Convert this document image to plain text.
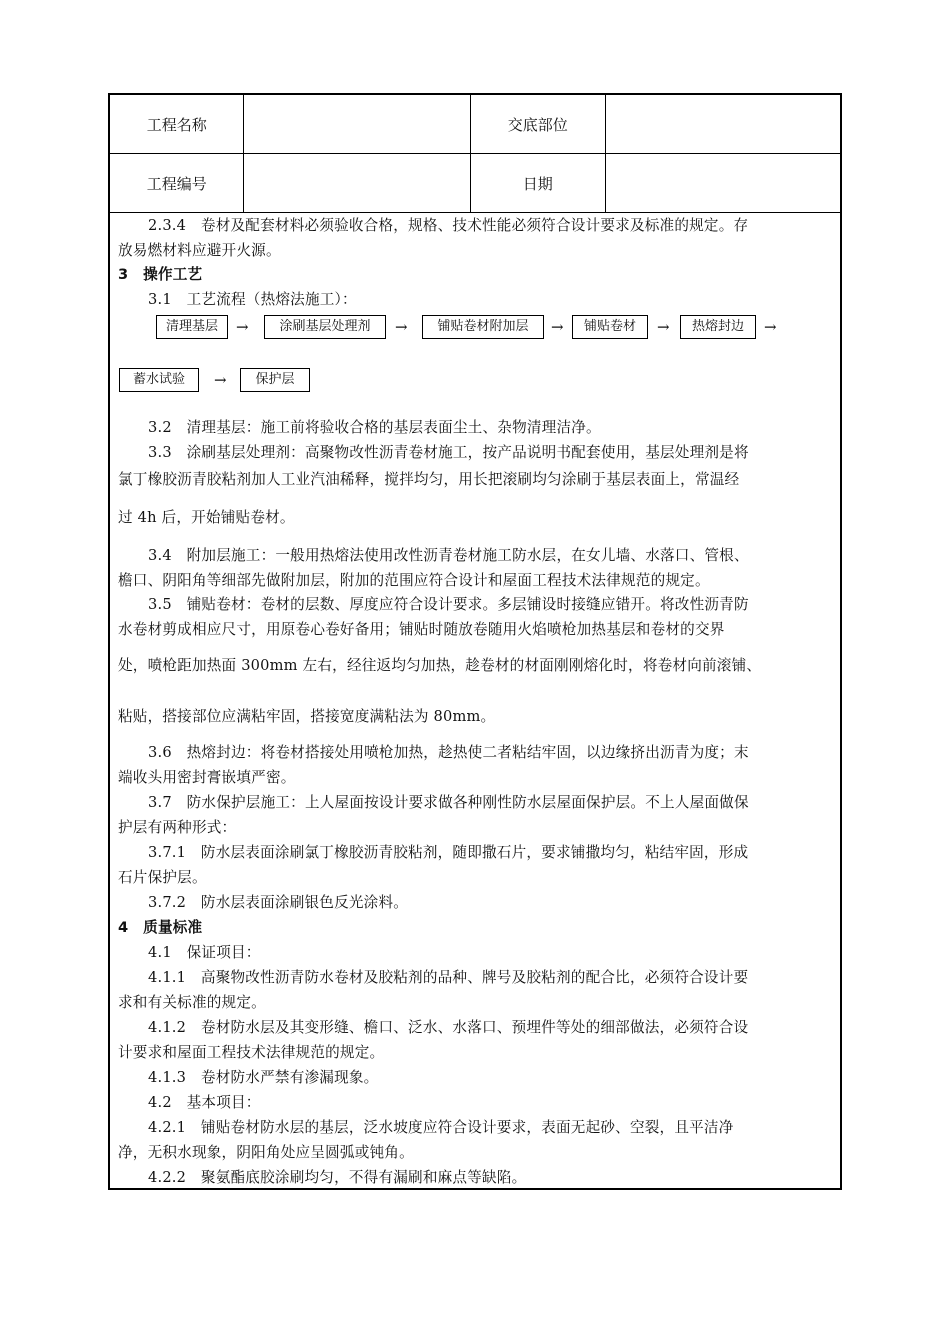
工程名称		交底部位	
工程编号		日期	
2.3.4　卷材及配套材料必须验收合格，规格、技术性能必须符合设计要求及标准的规定。存
放易燃材料应避开火源。
3　操作工艺
3.1　工艺流程（热熔法施工）：
清理基层	→	涂刷基层处理剂	→	铺贴卷材附加层	→	铺贴卷材	→	热熔封边	→
蓄水试验	→	保护层
3.2　清理基层：施工前将验收合格的基层表面尘土、杂物清理洁净。
3.3　涂刷基层处理剂：高聚物改性沥青卷材施工，按产品说明书配套使用，基层处理剂是将
氯丁橡胶沥青胶粘剂加人工业汽油稀释，搅拌均匀，用长把滚刷均匀涂刷于基层表面上，常温经
过 4h 后，开始铺贴卷材。
3.4　附加层施工：一般用热熔法使用改性沥青卷材施工防水层，在女儿墙、水落口、管根、
檐口、阴阳角等细部先做附加层，附加的范围应符合设计和屋面工程技术法律规范的规定。
3.5　铺贴卷材：卷材的层数、厚度应符合设计要求。多层铺设时接缝应错开。将改性沥青防
水卷材剪成相应尺寸，用原卷心卷好备用；铺贴时随放卷随用火焰喷枪加热基层和卷材的交界
处，喷枪距加热面 300mm 左右，经往返均匀加热，趁卷材的材面刚刚熔化时，将卷材向前滚铺、
粘贴，搭接部位应满粘牢固，搭接宽度满粘法为 80mm。
3.6　热熔封边：将卷材搭接处用喷枪加热，趁热使二者粘结牢固，以边缘挤出沥青为度；末
端收头用密封膏嵌填严密。
3.7　防水保护层施工：上人屋面按设计要求做各种刚性防水层屋面保护层。不上人屋面做保
护层有两种形式：
3.7.1　防水层表面涂刷氯丁橡胶沥青胶粘剂，随即撒石片，要求铺撒均匀，粘结牢固，形成
石片保护层。
3.7.2　防水层表面涂刷银色反光涂料。
4　质量标准
4.1　保证项目：
4.1.1　高聚物改性沥青防水卷材及胶粘剂的品种、牌号及胶粘剂的配合比，必须符合设计要
求和有关标准的规定。
4.1.2　卷材防水层及其变形缝、檐口、泛水、水落口、预埋件等处的细部做法，必须符合设
计要求和屋面工程技术法律规范的规定。
4.1.3　卷材防水严禁有渗漏现象。
4.2　基本项目：
4.2.1　铺贴卷材防水层的基层，泛水坡度应符合设计要求，表面无起砂、空裂，且平洁净
净，无积水现象，阴阳角处应呈圆弧或钝角。
4.2.2　聚氨酯底胶涂刷均匀，不得有漏刷和麻点等缺陷。
